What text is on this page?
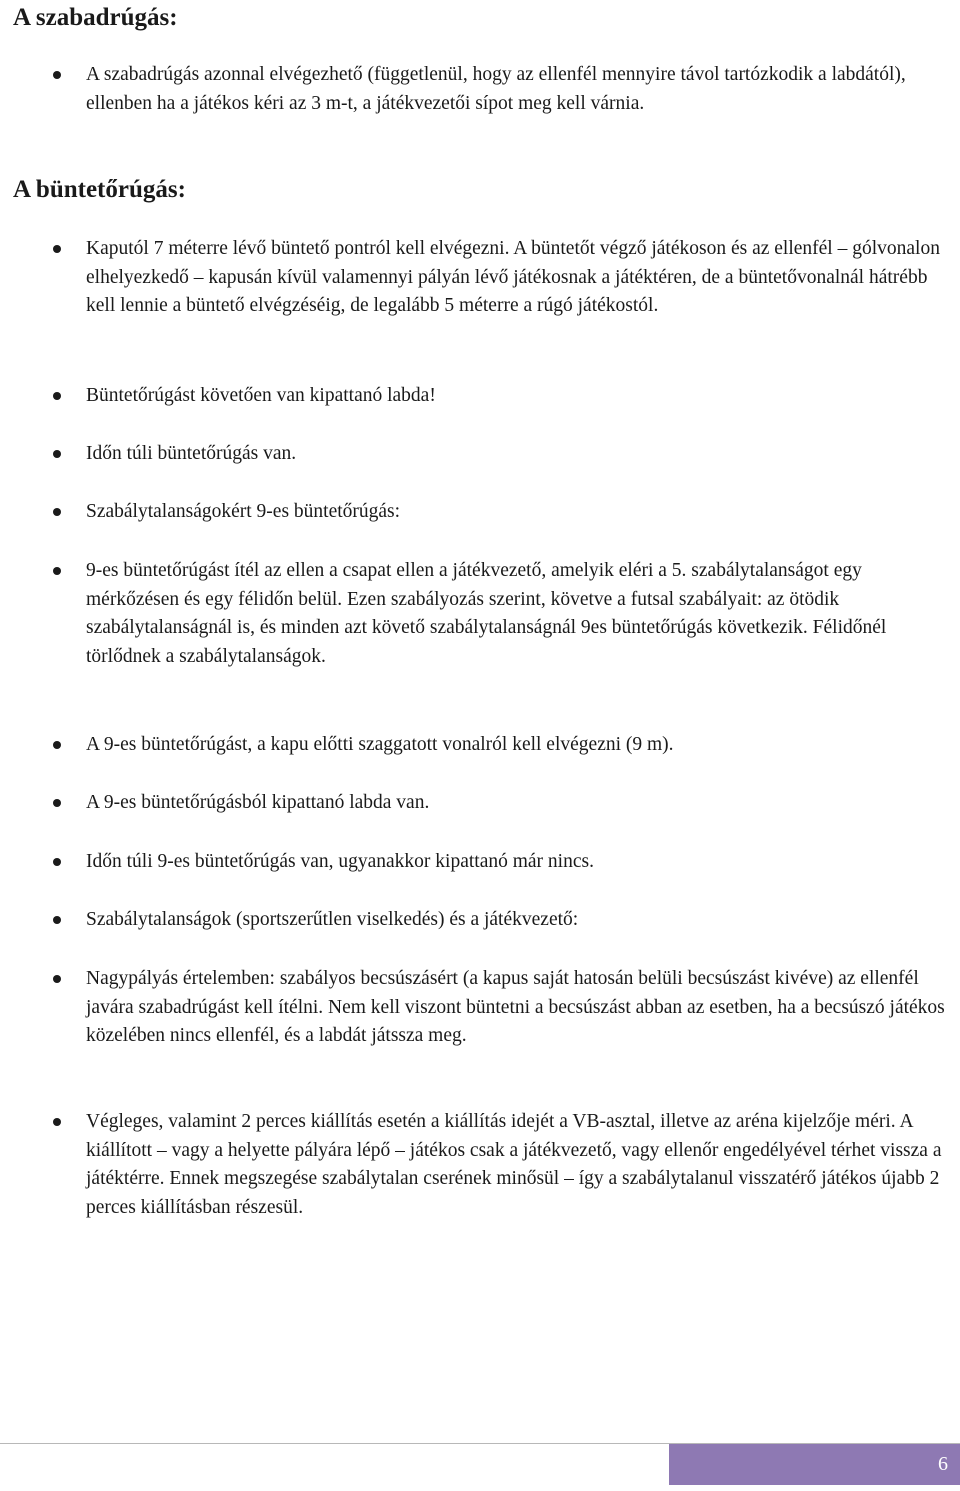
A szabadrúgás:

A szabadrúgás azonnal elvégezhető (függetlenül, hogy az ellenfél mennyire távol tartózkodik a labdától), ellenben ha a játékos kéri az 3 m-t, a játékvezetői sípot meg kell várnia.

A büntetőrúgás:

Kaputól 7 méterre lévő büntető pontról kell elvégezni. A büntetőt végző játékoson és az ellenfél – gólvonalon elhelyezkedő – kapusán kívül valamennyi pályán lévő játékosnak a játéktéren, de a büntetővonalnál hátrébb kell lennie a büntető elvégzéséig, de legalább 5 méterre a rúgó játékostól.

Büntetőrúgást követően van kipattanó labda!

Időn túli büntetőrúgás van.

Szabálytalanságokért 9-es büntetőrúgás:

9-es büntetőrúgást ítél az ellen a csapat ellen a játékvezető, amelyik eléri a 5. szabálytalanságot egy mérkőzésen és egy félidőn belül. Ezen szabályozás szerint, követve a futsal szabályait: az ötödik szabálytalanságnál is, és minden azt követő szabálytalanságnál 9es büntetőrúgás következik. Félidőnél törlődnek a szabálytalanságok.

A 9-es büntetőrúgást, a kapu előtti szaggatott vonalról kell elvégezni (9 m).

A 9-es büntetőrúgásból kipattanó labda van.

Időn túli 9-es büntetőrúgás van, ugyanakkor kipattanó már nincs.

Szabálytalanságok (sportszerűtlen viselkedés) és a játékvezető:

Nagypályás értelemben: szabályos becsúszásért (a kapus saját hatosán belüli becsúszást kivéve) az ellenfél javára szabadrúgást kell ítélni. Nem kell viszont büntetni a becsúszást abban az esetben, ha a becsúszó játékos közelében nincs ellenfél, és a labdát játssza meg.

Végleges, valamint 2 perces kiállítás esetén a kiállítás idejét a VB-asztal, illetve az aréna kijelzője méri. A kiállított – vagy a helyette pályára lépő – játékos csak a játékvezető, vagy ellenőr engedélyével térhet vissza a játéktérre. Ennek megszegése szabálytalan cserének minősül – így a szabálytalanul visszatérő játékos újabb 2 perces kiállításban részesül.

6
